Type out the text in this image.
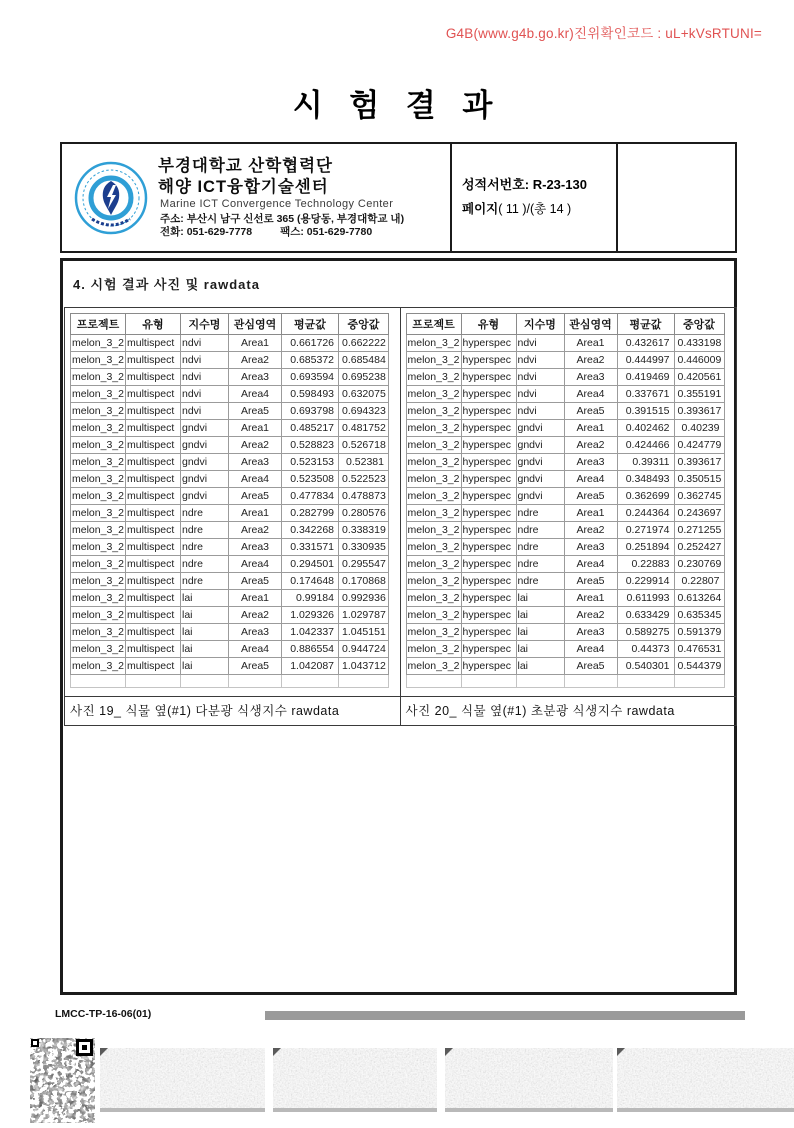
G4B(www.g4b.go.kr)진위확인코드 : uL+kVsRTUNI=
시 험 결 과
부경대학교 산학협력단
해양 ICT융합기술센터
Marine ICT Convergence Technology Center
주소: 부산시 남구 신선로 365 (용당동, 부경대학교 내)
전화: 051-629-7778	팩스: 051-629-7780
성적서번호: R-23-130
페이지( 11 )/(총 14 )
4. 시험 결과 사진 및 rawdata
프로젝트	유형	지수명	관심영역	평균값	중앙값
melon_3_2	multispect	ndvi	Area1	0.661726	0.662222
melon_3_2	multispect	ndvi	Area2	0.685372	0.685484
melon_3_2	multispect	ndvi	Area3	0.693594	0.695238
melon_3_2	multispect	ndvi	Area4	0.598493	0.632075
melon_3_2	multispect	ndvi	Area5	0.693798	0.694323
melon_3_2	multispect	gndvi	Area1	0.485217	0.481752
melon_3_2	multispect	gndvi	Area2	0.528823	0.526718
melon_3_2	multispect	gndvi	Area3	0.523153	0.52381
melon_3_2	multispect	gndvi	Area4	0.523508	0.522523
melon_3_2	multispect	gndvi	Area5	0.477834	0.478873
melon_3_2	multispect	ndre	Area1	0.282799	0.280576
melon_3_2	multispect	ndre	Area2	0.342268	0.338319
melon_3_2	multispect	ndre	Area3	0.331571	0.330935
melon_3_2	multispect	ndre	Area4	0.294501	0.295547
melon_3_2	multispect	ndre	Area5	0.174648	0.170868
melon_3_2	multispect	lai	Area1	0.99184	0.992936
melon_3_2	multispect	lai	Area2	1.029326	1.029787
melon_3_2	multispect	lai	Area3	1.042337	1.045151
melon_3_2	multispect	lai	Area4	0.886554	0.944724
melon_3_2	multispect	lai	Area5	1.042087	1.043712

사진 19_ 식물 옆(#1) 다분광 식생지수 rawdata
프로젝트	유형	지수명	관심영역	평균값	중앙값
melon_3_2	hyperspec	ndvi	Area1	0.432617	0.433198
melon_3_2	hyperspec	ndvi	Area2	0.444997	0.446009
melon_3_2	hyperspec	ndvi	Area3	0.419469	0.420561
melon_3_2	hyperspec	ndvi	Area4	0.337671	0.355191
melon_3_2	hyperspec	ndvi	Area5	0.391515	0.393617
melon_3_2	hyperspec	gndvi	Area1	0.402462	0.40239
melon_3_2	hyperspec	gndvi	Area2	0.424466	0.424779
melon_3_2	hyperspec	gndvi	Area3	0.39311	0.393617
melon_3_2	hyperspec	gndvi	Area4	0.348493	0.350515
melon_3_2	hyperspec	gndvi	Area5	0.362699	0.362745
melon_3_2	hyperspec	ndre	Area1	0.244364	0.243697
melon_3_2	hyperspec	ndre	Area2	0.271974	0.271255
melon_3_2	hyperspec	ndre	Area3	0.251894	0.252427
melon_3_2	hyperspec	ndre	Area4	0.22883	0.230769
melon_3_2	hyperspec	ndre	Area5	0.229914	0.22807
melon_3_2	hyperspec	lai	Area1	0.611993	0.613264
melon_3_2	hyperspec	lai	Area2	0.633429	0.635345
melon_3_2	hyperspec	lai	Area3	0.589275	0.591379
melon_3_2	hyperspec	lai	Area4	0.44373	0.476531
melon_3_2	hyperspec	lai	Area5	0.540301	0.544379

사진 20_ 식물 옆(#1) 초분광 식생지수 rawdata
LMCC-TP-16-06(01)
